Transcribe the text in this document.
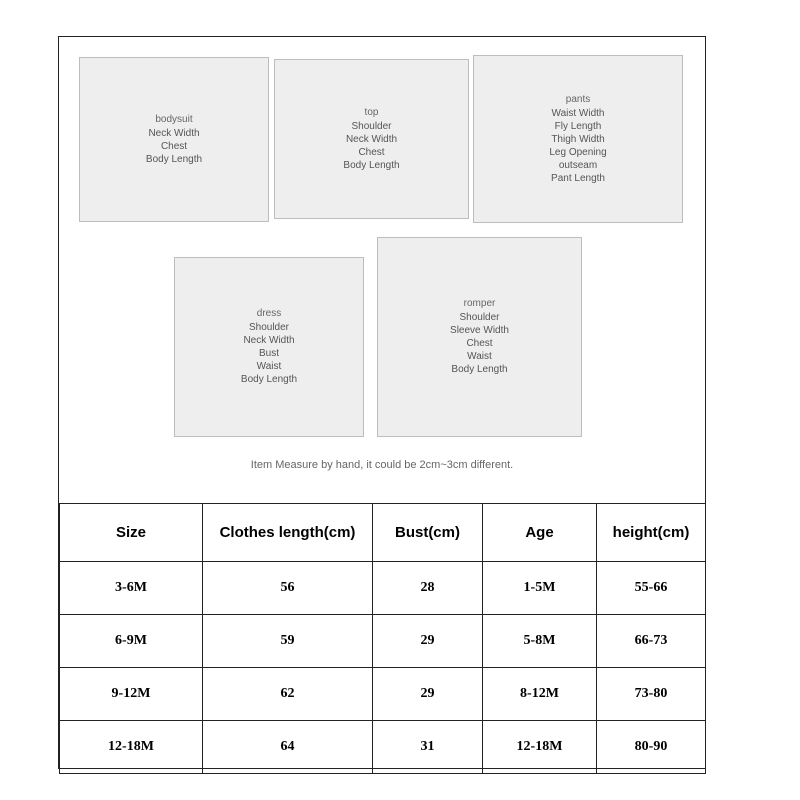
bodysuit
Neck Width
Chest
Body Length
top
Shoulder
Neck Width
Chest
Body Length
pants
Waist Width
Fly Length
Thigh Width
Leg Opening
outseam
Pant Length
dress
Shoulder
Neck Width
Bust
Waist
Body Length
romper
Shoulder
Sleeve Width
Chest
Waist
Body Length
Item Measure by hand, it could be 2cm~3cm different.
Size	Clothes length(cm)	Bust(cm)	Age	height(cm)
3-6M	56	28	1-5M	55-66
6-9M	59	29	5-8M	66-73
9-12M	62	29	8-12M	73-80
12-18M	64	31	12-18M	80-90
